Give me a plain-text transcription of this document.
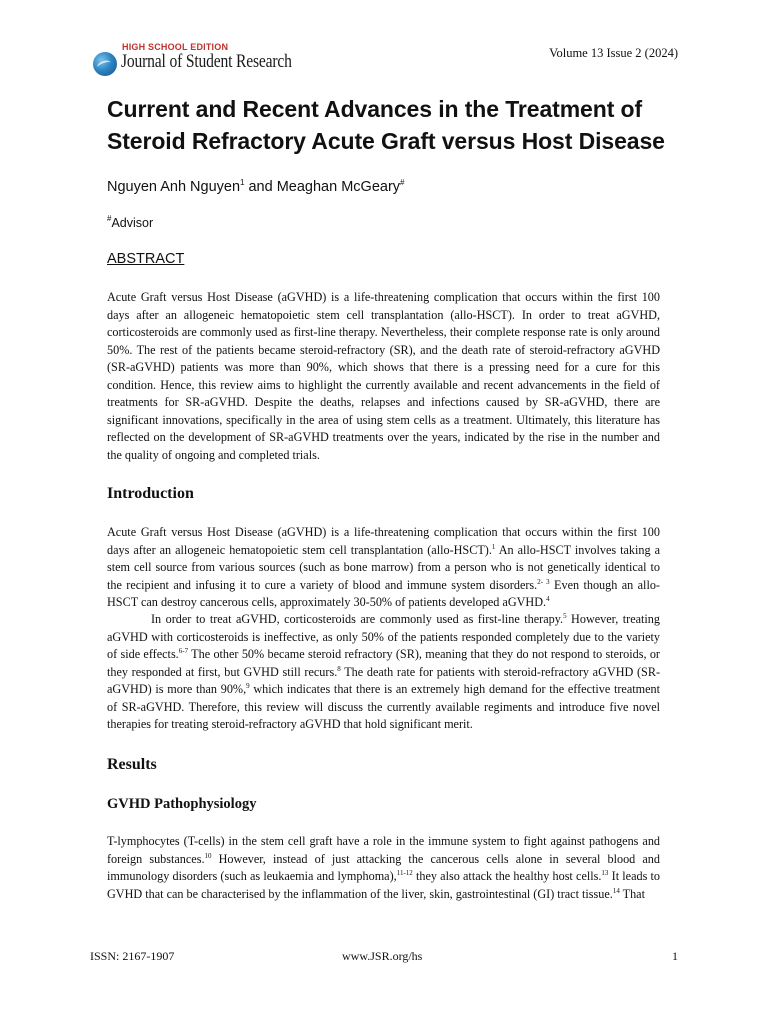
HIGH SCHOOL EDITION
Journal of Student Research	Volume 13 Issue 2 (2024)
Current and Recent Advances in the Treatment of Steroid Refractory Acute Graft versus Host Disease
Nguyen Anh Nguyen$^1$ and Meaghan McGeary#
#Advisor
ABSTRACT

Acute Graft versus Host Disease (aGVHD) is a life-threatening complication that occurs within the first 100 days after an allogeneic hematopoietic stem cell transplantation (allo-HSCT). In order to treat aGVHD, corticosteroids are commonly used as first-line therapy. Nevertheless, their complete response rate is only around 50%. The rest of the patients became steroid-refractory (SR), and the death rate of steroid-refractory aGVHD (SR-aGVHD) patients was more than 90%, which shows that there is a pressing need for a cure for this condition. Hence, this review aims to highlight the currently available and recent advancements in the field of treatments for SR-aGVHD. Despite the deaths, relapses and infections caused by SR-aGVHD, there are significant innovations, specifically in the area of using stem cells as a treatment. Ultimately, this literature has reflected on the development of SR-aGVHD treatments over the years, indicated by the rise in the number and the quality of ongoing and completed trials.

Introduction

Acute Graft versus Host Disease (aGVHD) is a life-threatening complication that occurs within the first 100 days after an allogeneic hematopoietic stem cell transplantation (allo-HSCT).$^1$ An allo-HSCT involves taking a stem cell source from various sources (such as bone marrow) from a person who is not genetically identical to the recipient and infusing it to cure a variety of blood and immune system disorders.$^{2- 3}$ Even though an allo-HSCT can destroy cancerous cells, approximately 30-50% of patients developed aGVHD.$^4$

In order to treat aGVHD, corticosteroids are commonly used as first-line therapy.$^5$ However, treating aGVHD with corticosteroids is ineffective, as only 50% of the patients responded completely due to the variety of side effects.$^{6-7}$ The other 50% became steroid refractory (SR), meaning that they do not respond to steroids, or they responded at first, but GVHD still recurs.$^8$ The death rate for patients with steroid-refractory aGVHD (SR-aGVHD) is more than 90%,$^9$ which indicates that there is an extremely high demand for the effective treatment of SR-aGVHD. Therefore, this review will discuss the currently available regiments and introduce five novel therapies for treating steroid-refractory aGVHD that hold significant merit.

Results
GVHD Pathophysiology

T-lymphocytes (T-cells) in the stem cell graft have a role in the immune system to fight against pathogens and foreign substances.$^{10}$ However, instead of just attacking the cancerous cells alone in several blood and immunology disorders (such as leukaemia and lymphoma),$^{11-12}$ they also attack the healthy host cells.$^{13}$ It leads to GVHD that can be characterised by the inflammation of the liver, skin, gastrointestinal (GI) tract tissue.$^{14}$ That

ISSN: 2167-1907	www.JSR.org/hs	1
